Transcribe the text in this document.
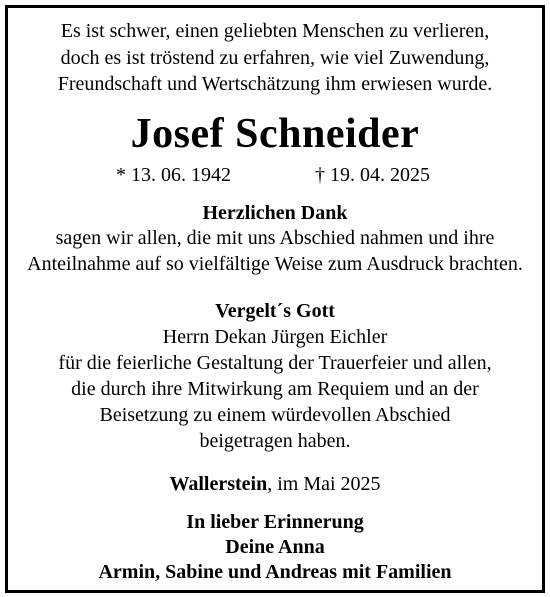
Es ist schwer, einen geliebten Menschen zu verlieren,
doch es ist tröstend zu erfahren, wie viel Zuwendung,
Freundschaft und Wertschätzung ihm erwiesen wurde.
Josef Schneider
* 13. 06. 1942	† 19. 04. 2025
Herzlichen Dank
sagen wir allen, die mit uns Abschied nahmen und ihre
Anteilnahme auf so vielfältige Weise zum Ausdruck brachten.
Vergelt´s Gott
Herrn Dekan Jürgen Eichler
für die feierliche Gestaltung der Trauerfeier und allen,
die durch ihre Mitwirkung am Requiem und an der
Beisetzung zu einem würdevollen Abschied
beigetragen haben.
Wallerstein, im Mai 2025
In lieber Erinnerung
Deine Anna
Armin, Sabine und Andreas mit Familien
